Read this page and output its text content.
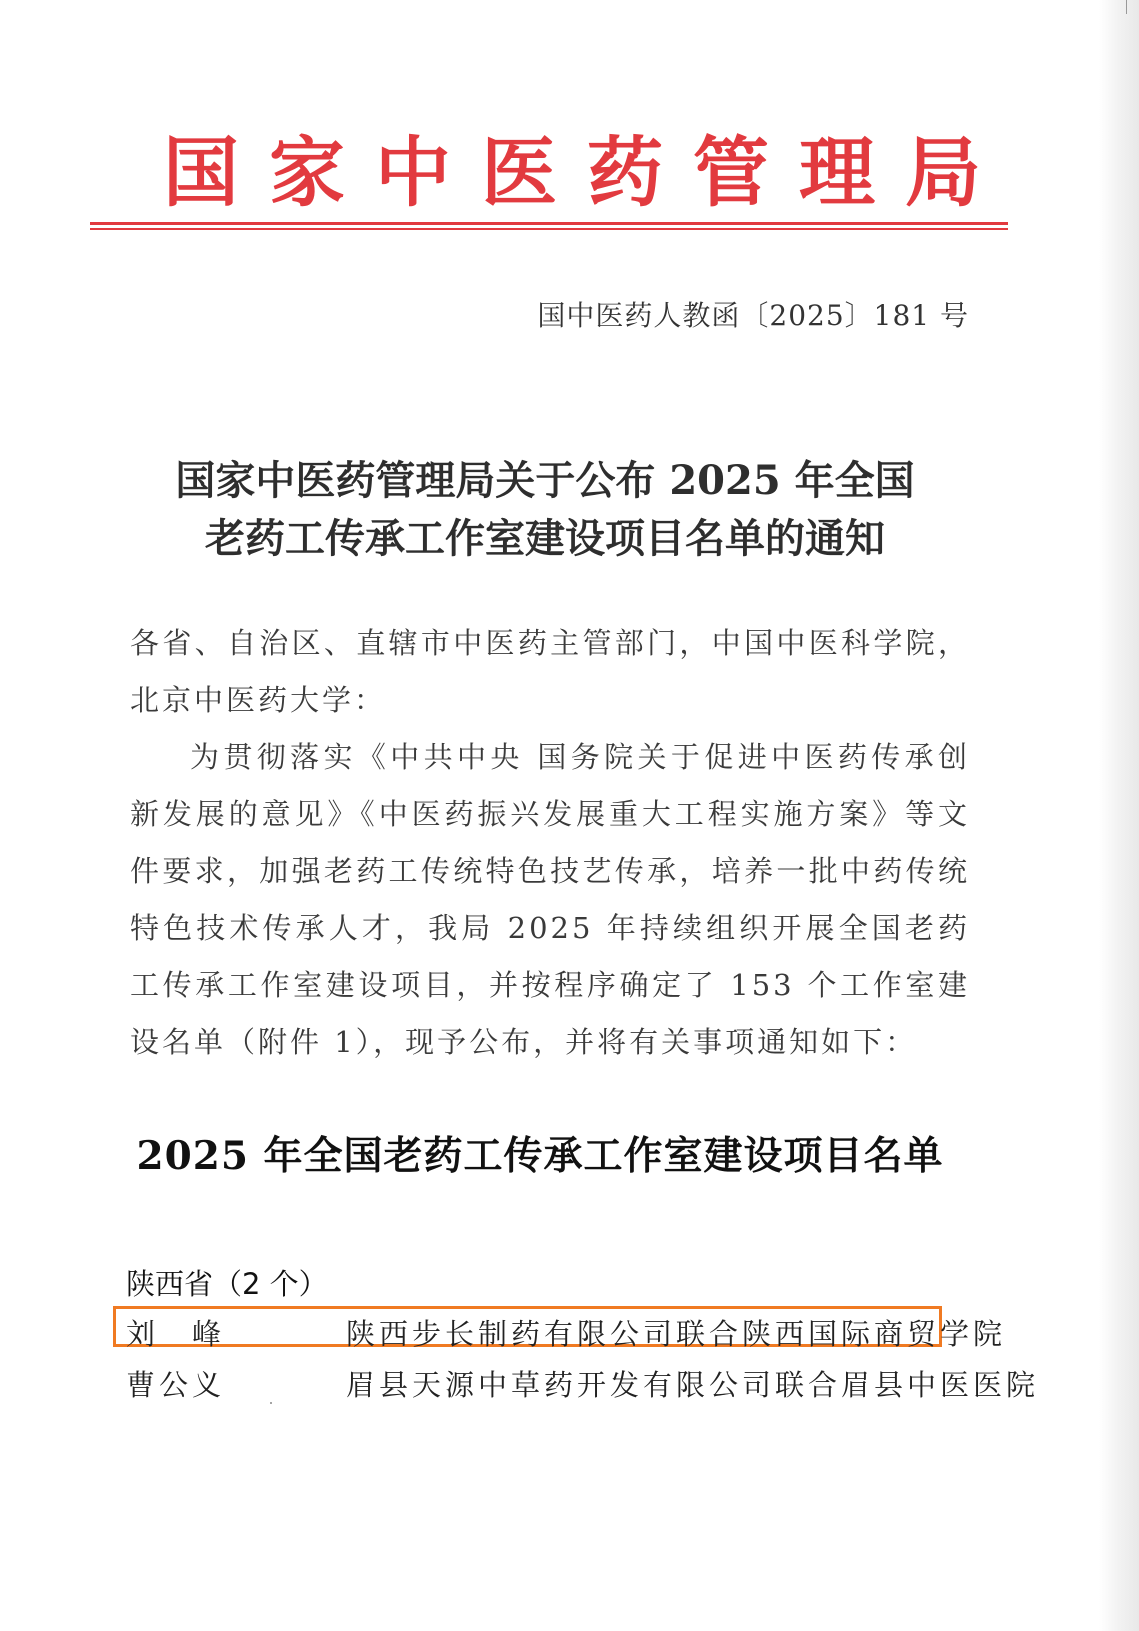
国家中医药管理局
国中医药人教函〔2025〕181 号
国家中医药管理局关于公布 2025 年全国
老药工传承工作室建设项目名单的通知

各省、自治区、直辖市中医药主管部门，中国中医科学院，北京中医药大学：

为贯彻落实《中共中央 国务院关于促进中医药传承创新发展的意见》《中医药振兴发展重大工程实施方案》等文件要求，加强老药工传统特色技艺传承，培养一批中药传统特色技术传承人才，我局 2025 年持续组织开展全国老药工传承工作室建设项目，并按程序确定了 153 个工作室建设名单（附件 1），现予公布，并将有关事项通知如下：

2025 年全国老药工传承工作室建设项目名单
陕西省（2 个）
刘　峰	陕西步长制药有限公司联合陕西国际商贸学院
曹公义	眉县天源中草药开发有限公司联合眉县中医医院
